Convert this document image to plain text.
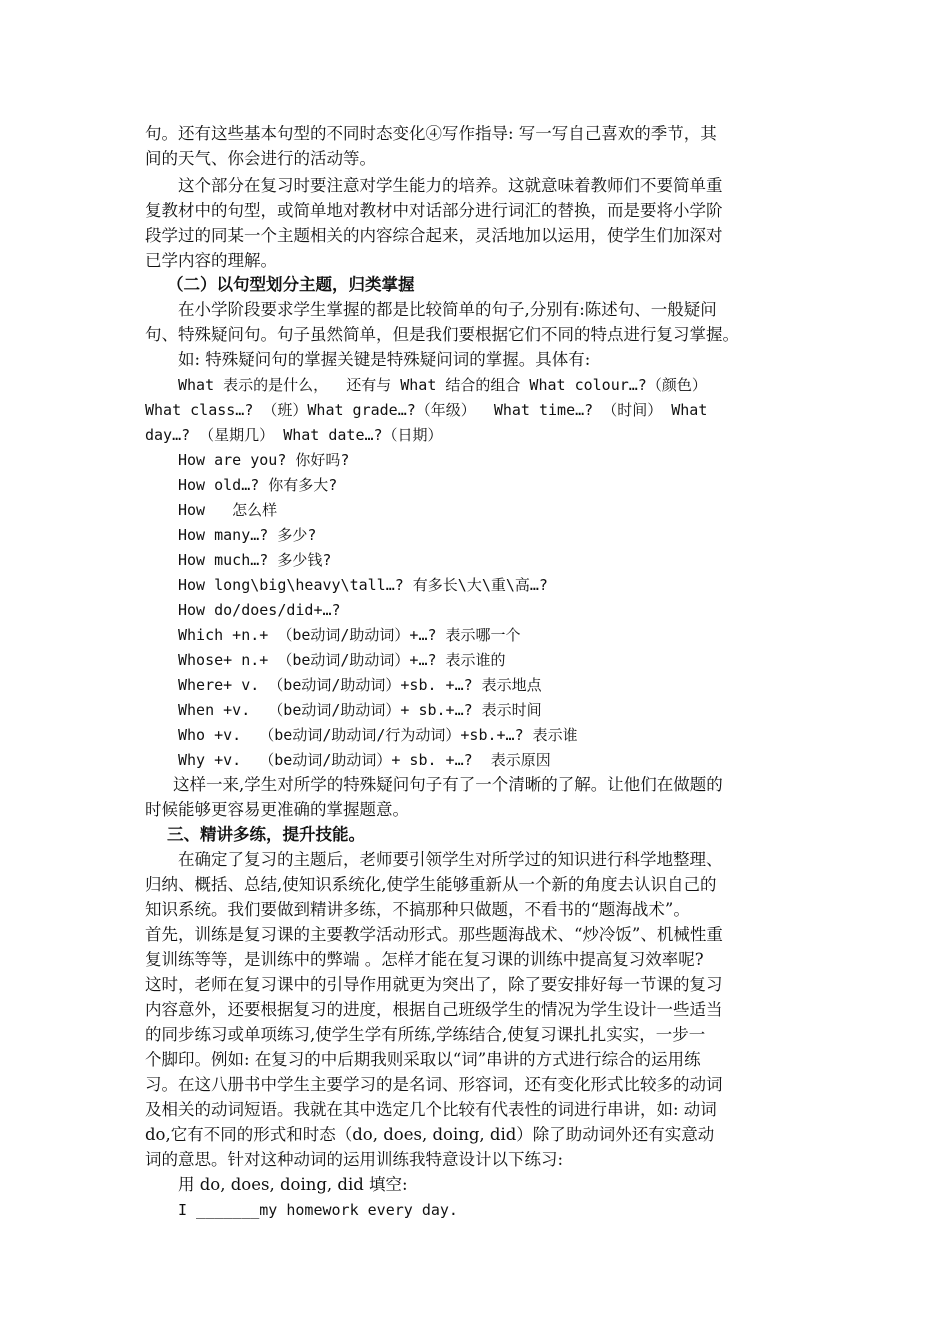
句。还有这些基本句型的不同时态变化④写作指导: 写一写自己喜欢的季节，其
间的天气、你会进行的活动等。
这个部分在复习时要注意对学生能力的培养。这就意味着教师们不要简单重
复教材中的句型，或简单地对教材中对话部分进行词汇的替换，而是要将小学阶
段学过的同某一个主题相关的内容综合起来，灵活地加以运用，使学生们加深对
已学内容的理解。
（二）以句型划分主题，归类掌握
在小学阶段要求学生掌握的都是比较简单的句子,分别有:陈述句、一般疑问
句、特殊疑问句。句子虽然简单，但是我们要根据它们不同的特点进行复习掌握。
如: 特殊疑问句的掌握关键是特殊疑问词的掌握。具体有:
What 表示的是什么，  还有与 What 结合的组合 What colour…?（颜色）
What class…? （班）What grade…?（年级）  What time…? （时间） What
day…? （星期几） What date…?（日期）
How are you? 你好吗?
How old…? 你有多大?
How   怎么样
How many…? 多少?
How much…? 多少钱?
How long\big\heavy\tall…? 有多长\大\重\高…?
How do/does/did+…?
Which +n.+ （be动词/助动词）+…? 表示哪一个
Whose+ n.+ （be动词/助动词）+…? 表示谁的
Where+ v. （be动词/助动词）+sb. +…? 表示地点
When +v.  （be动词/助动词）+ sb.+…? 表示时间
Who +v.  （be动词/助动词/行为动词）+sb.+…? 表示谁
Why +v.  （be动词/助动词）+ sb. +…?  表示原因
这样一来,学生对所学的特殊疑问句子有了一个清晰的了解。让他们在做题的
时候能够更容易更准确的掌握题意。
三、精讲多练，提升技能。
在确定了复习的主题后，老师要引领学生对所学过的知识进行科学地整理、
归纳、概括、总结,使知识系统化,使学生能够重新从一个新的角度去认识自己的
知识系统。我们要做到精讲多练，不搞那种只做题，不看书的“题海战术”。
首先，训练是复习课的主要教学活动形式。那些题海战术、“炒冷饭”、机械性重
复训练等等，是训练中的弊端 。怎样才能在复习课的训练中提高复习效率呢?
这时，老师在复习课中的引导作用就更为突出了，除了要安排好每一节课的复习
内容意外，还要根据复习的进度，根据自己班级学生的情况为学生设计一些适当
的同步练习或单项练习,使学生学有所练,学练结合,使复习课扎扎实实，一步一
个脚印。例如: 在复习的中后期我则采取以“词”串讲的方式进行综合的运用练
习。在这八册书中学生主要学习的是名词、形容词，还有变化形式比较多的动词
及相关的动词短语。我就在其中选定几个比较有代表性的词进行串讲，如: 动词
do,它有不同的形式和时态（do, does, doing, did）除了助动词外还有实意动
词的意思。针对这种动词的运用训练我特意设计以下练习:
用 do, does, doing, did 填空:
I _______my homework every day.
